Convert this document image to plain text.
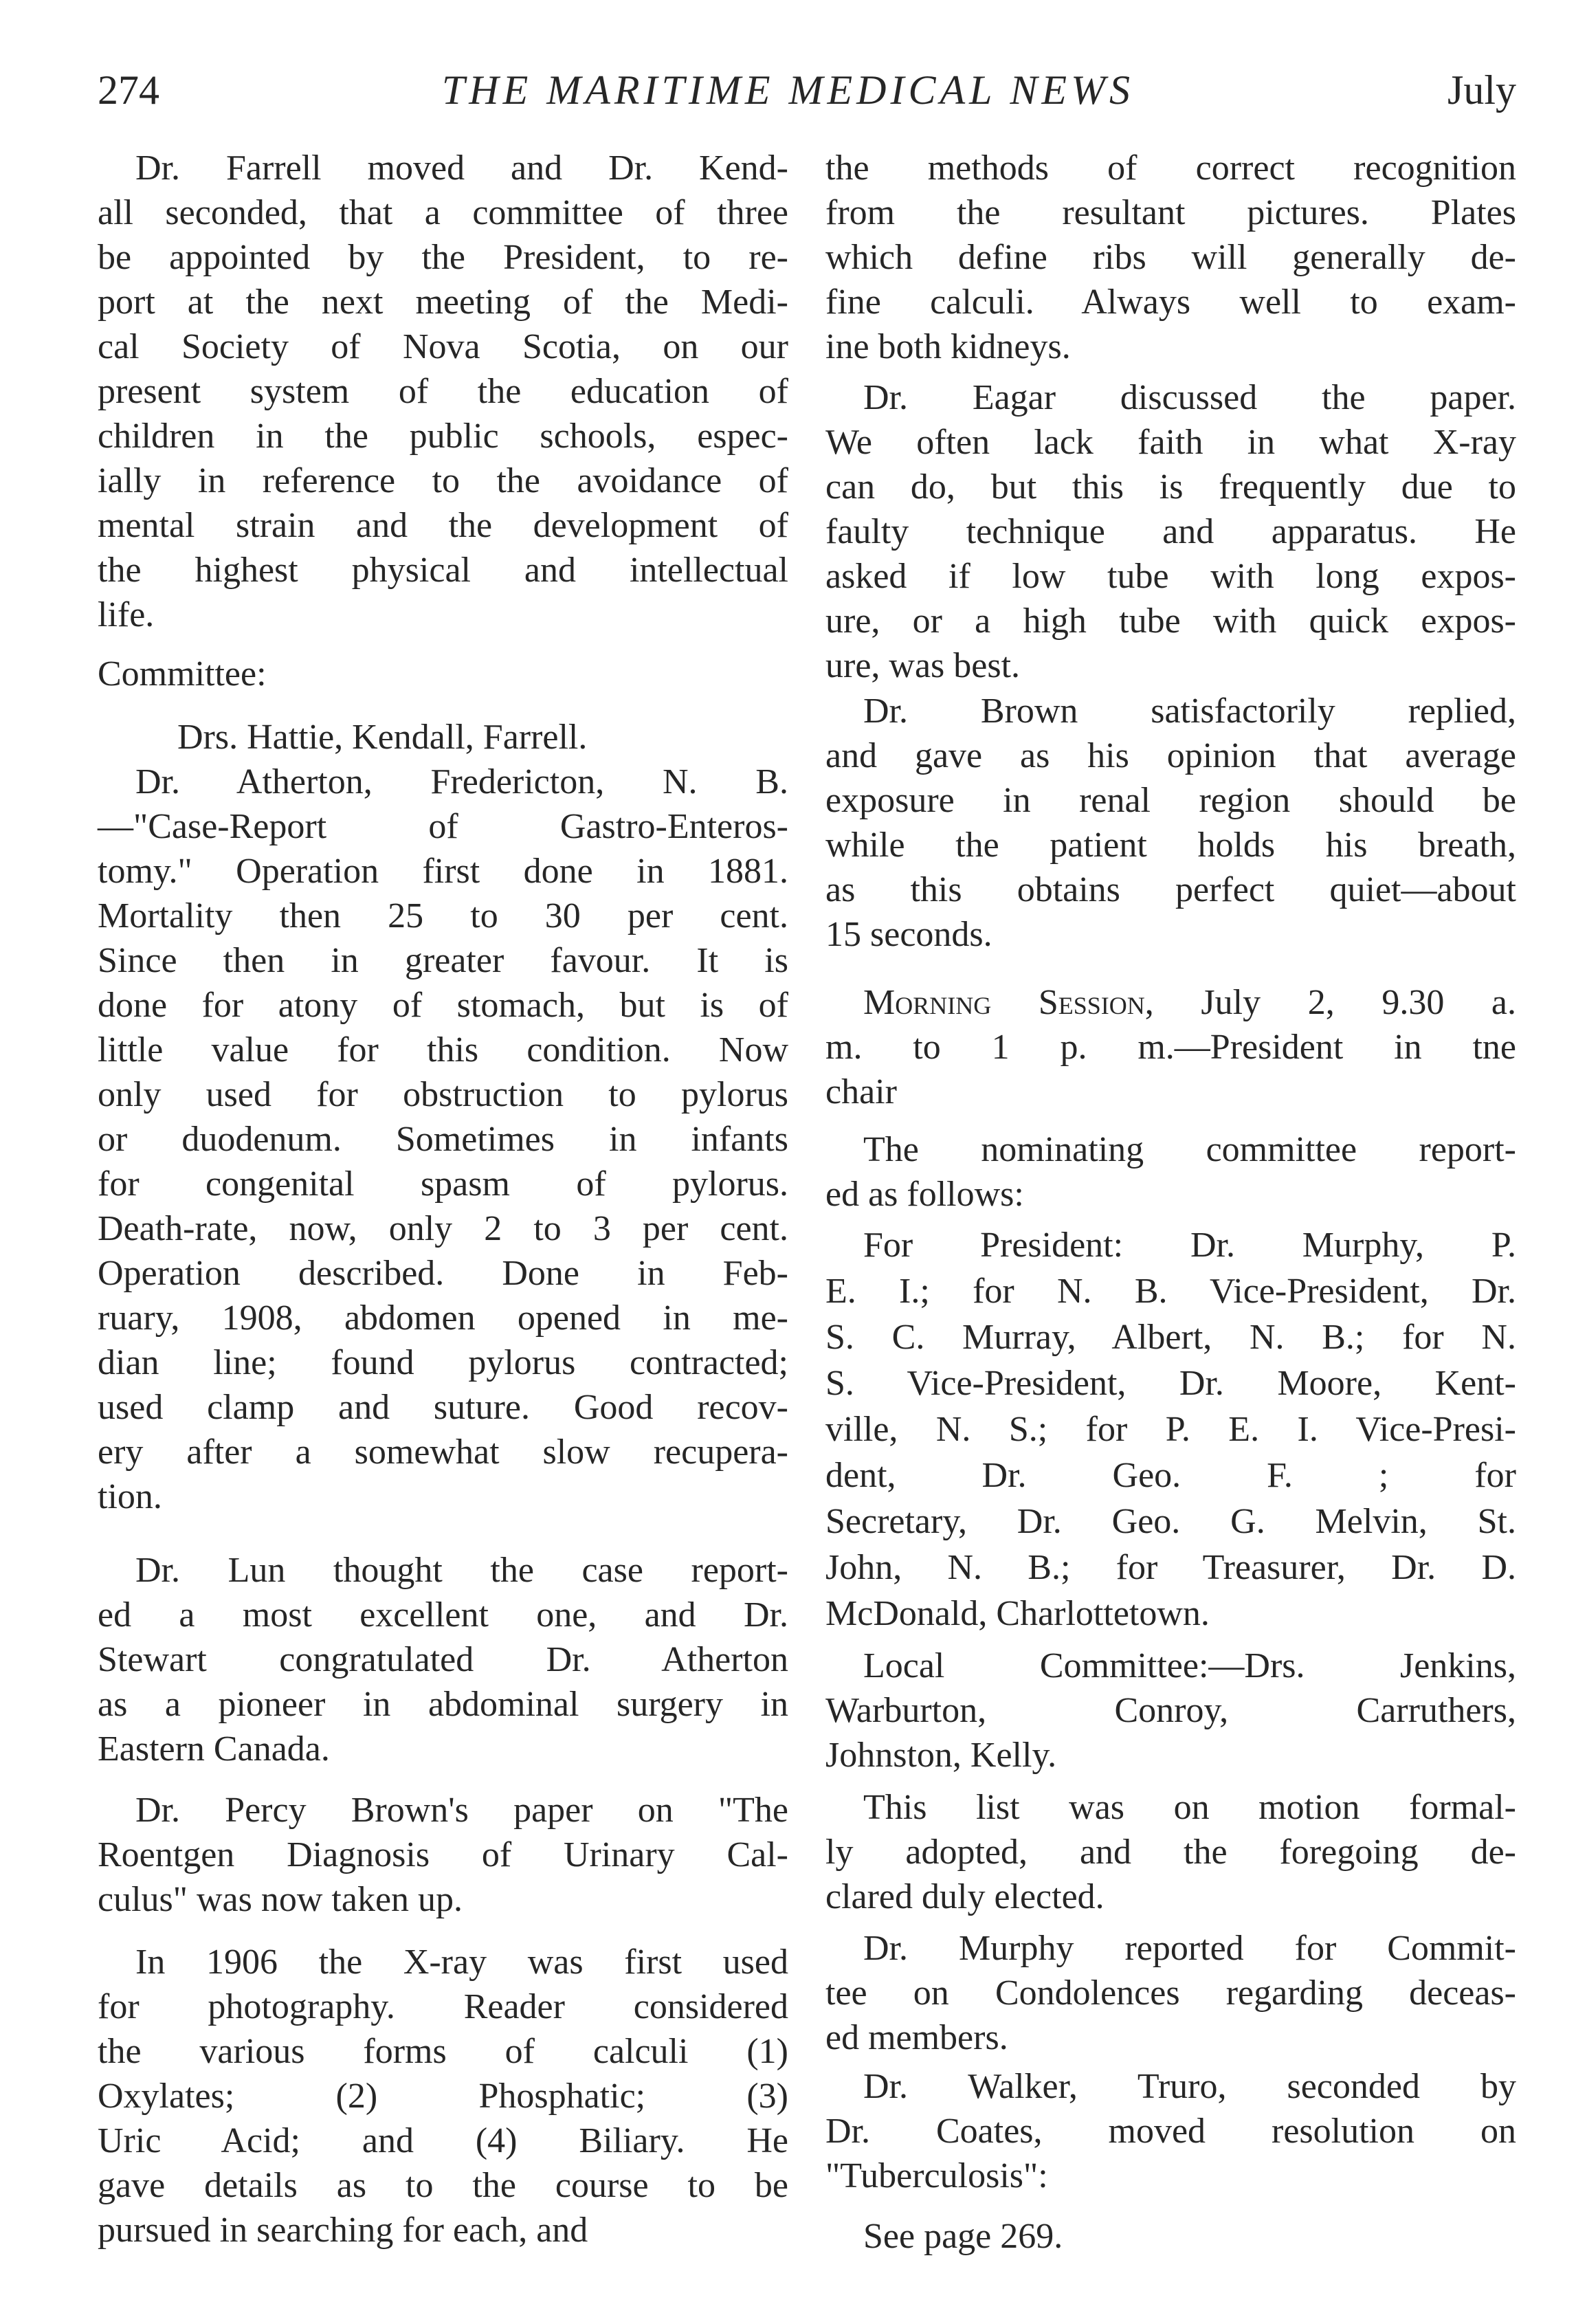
274	THE MARITIME MEDICAL NEWS	July
Dr. Farrell moved and Dr. Kend-
all seconded, that a committee of three
be appointed by the President, to re-
port at the next meeting of the Medi-
cal Society of Nova Scotia, on our
present system of the education of
children in the public schools, espec-
ially in reference to the avoidance of
mental strain and the development of
the highest physical and intellectual
life.
Committee:
Drs. Hattie, Kendall, Farrell.
Dr. Atherton, Fredericton, N. B.
—"Case-Report of Gastro-Enteros-
tomy." Operation first done in 1881.
Mortality then 25 to 30 per cent.
Since then in greater favour. It is
done for atony of stomach, but is of
little value for this condition. Now
only used for obstruction to pylorus
or duodenum. Sometimes in infants
for congenital spasm of pylorus.
Death-rate, now, only 2 to 3 per cent.
Operation described. Done in Feb-
ruary, 1908, abdomen opened in me-
dian line; found pylorus contracted;
used clamp and suture. Good recov-
ery after a somewhat slow recupera-
tion.
Dr. Lun thought the case report-
ed a most excellent one, and Dr.
Stewart congratulated Dr. Atherton
as a pioneer in abdominal surgery in
Eastern Canada.
Dr. Percy Brown's paper on "The
Roentgen Diagnosis of Urinary Cal-
culus" was now taken up.
In 1906 the X-ray was first used
for photography. Reader considered
the various forms of calculi (1)
Oxylates; (2) Phosphatic; (3)
Uric Acid; and (4) Biliary. He
gave details as to the course to be
pursued in searching for each, and
the methods of correct recognition
from the resultant pictures. Plates
which define ribs will generally de-
fine calculi. Always well to exam-
ine both kidneys.
Dr. Eagar discussed the paper.
We often lack faith in what X-ray
can do, but this is frequently due to
faulty technique and apparatus. He
asked if low tube with long expos-
ure, or a high tube with quick expos-
ure, was best.
Dr. Brown satisfactorily replied,
and gave as his opinion that average
exposure in renal region should be
while the patient holds his breath,
as this obtains perfect quiet—about
15 seconds.
Morning Session, July 2, 9.30 a.
m. to 1 p. m.—President in tne
chair
The nominating committee report-
ed as follows:
For President: Dr. Murphy, P.
E. I.; for N. B. Vice-President, Dr.
S. C. Murray, Albert, N. B.; for N.
S. Vice-President, Dr. Moore, Kent-
ville, N. S.; for P. E. I. Vice-Presi-
dent, Dr. Geo. F. ; for
Secretary, Dr. Geo. G. Melvin, St.
John, N. B.; for Treasurer, Dr. D.
McDonald, Charlottetown.
Local Committee:—Drs. Jenkins,
Warburton, Conroy, Carruthers,
Johnston, Kelly.
This list was on motion formal-
ly adopted, and the foregoing de-
clared duly elected.
Dr. Murphy reported for Commit-
tee on Condolences regarding deceas-
ed members.
Dr. Walker, Truro, seconded by
Dr. Coates, moved resolution on
"Tuberculosis":
See page 269.
